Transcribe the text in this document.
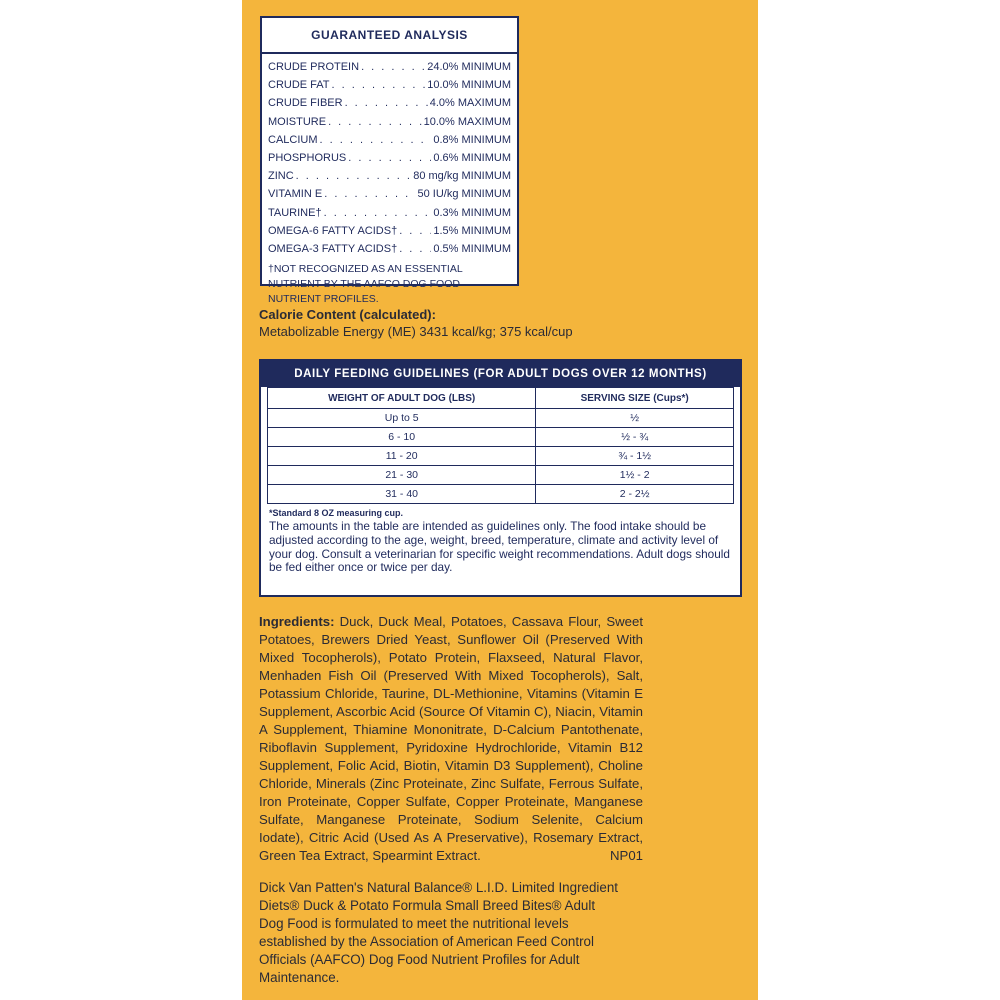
GUARANTEED ANALYSIS
CRUDE PROTEIN . . .	24.0% MINIMUM
CRUDE FAT . . .	10.0% MINIMUM
CRUDE FIBER . . .	4.0% MAXIMUM
MOISTURE . . .	10.0% MAXIMUM
CALCIUM . . .	0.8% MINIMUM
PHOSPHORUS . . .	0.6% MINIMUM
ZINC . . .	80 mg/kg MINIMUM
VITAMIN E . . .	50 IU/kg MINIMUM
TAURINE† . . .	0.3% MINIMUM
OMEGA-6 FATTY ACIDS† . . .	1.5% MINIMUM
OMEGA-3 FATTY ACIDS† . . .	0.5% MINIMUM
†NOT RECOGNIZED AS AN ESSENTIAL NUTRIENT BY THE AAFCO DOG FOOD NUTRIENT PROFILES.
Calorie Content (calculated):
Metabolizable Energy (ME) 3431 kcal/kg; 375 kcal/cup
DAILY FEEDING GUIDELINES (FOR ADULT DOGS OVER 12 MONTHS)
WEIGHT OF ADULT DOG (LBS)	SERVING SIZE (Cups*)
Up to 5	½
6 - 10	½ - ¾
11 - 20	¾ - 1½
21 - 30	1½ - 2
31 - 40	2 - 2½
*Standard 8 OZ measuring cup.
The amounts in the table are intended as guidelines only. The food intake should be adjusted according to the age, weight, breed, temperature, climate and activity level of your dog. Consult a veterinarian for specific weight recommendations. Adult dogs should be fed either once or twice per day.
Ingredients: Duck, Duck Meal, Potatoes, Cassava Flour, Sweet Potatoes, Brewers Dried Yeast, Sunflower Oil (Preserved With Mixed Tocopherols), Potato Protein, Flaxseed, Natural Flavor, Menhaden Fish Oil (Preserved With Mixed Tocopherols), Salt, Potassium Chloride, Taurine, DL-Methionine, Vitamins (Vitamin E Supplement, Ascorbic Acid (Source Of Vitamin C), Niacin, Vitamin A Supplement, Thiamine Mononitrate, D-Calcium Pantothenate, Riboflavin Supplement, Pyridoxine Hydrochloride, Vitamin B12 Supplement, Folic Acid, Biotin, Vitamin D3 Supplement), Choline Chloride, Minerals (Zinc Proteinate, Zinc Sulfate, Ferrous Sulfate, Iron Proteinate, Copper Sulfate, Copper Proteinate, Manganese Sulfate, Manganese Proteinate, Sodium Selenite, Calcium Iodate), Citric Acid (Used As A Preservative), Rosemary Extract, Green Tea Extract, Spearmint Extract.	NP01
Dick Van Patten's Natural Balance® L.I.D. Limited Ingredient Diets® Duck & Potato Formula Small Breed Bites® Adult Dog Food is formulated to meet the nutritional levels established by the Association of American Feed Control Officials (AAFCO) Dog Food Nutrient Profiles for Adult Maintenance.
